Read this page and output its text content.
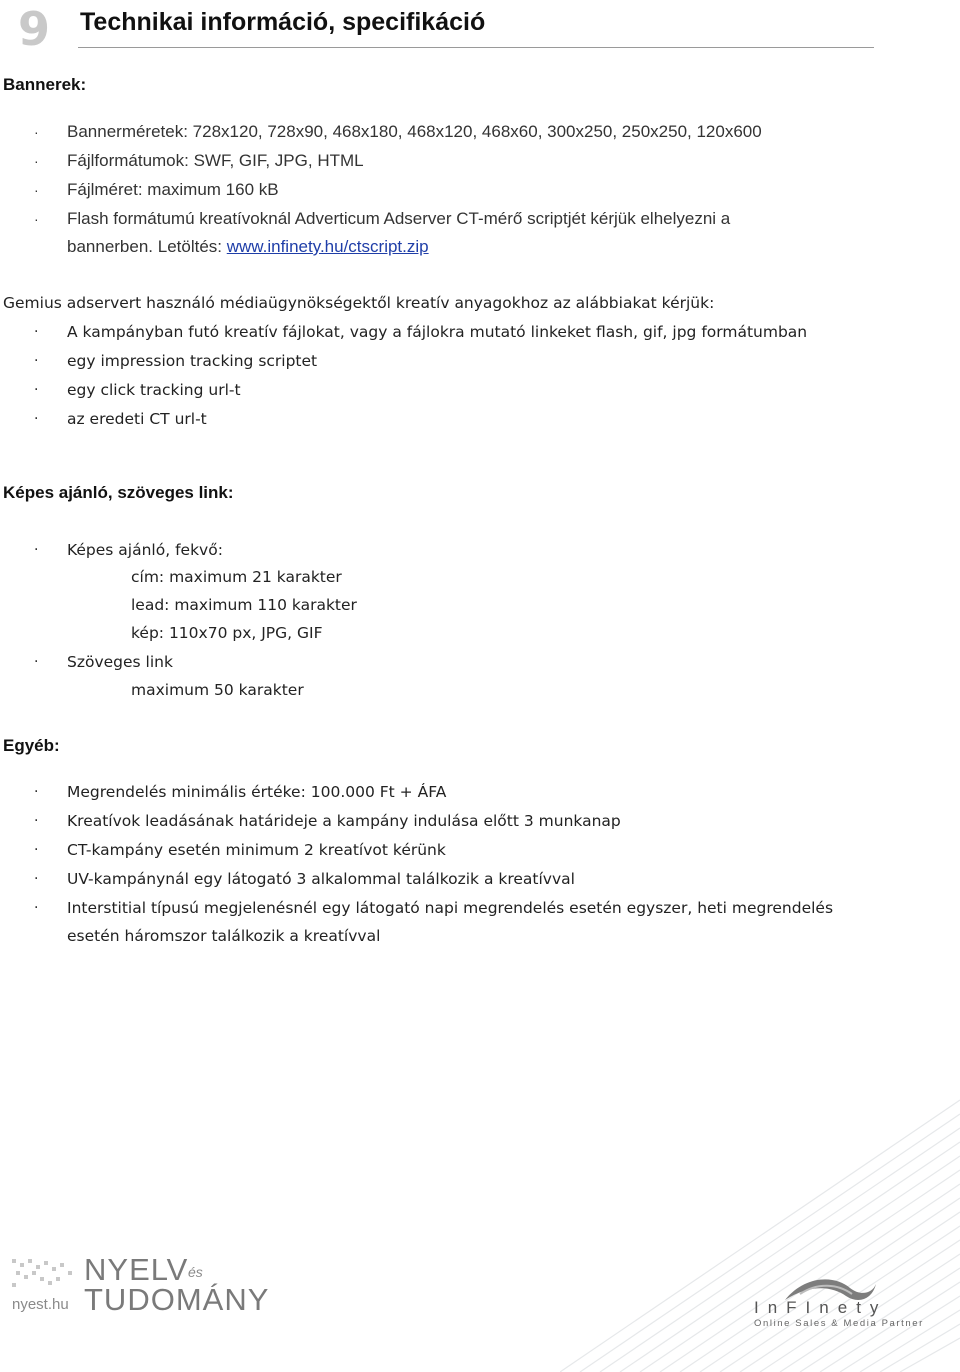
9 Technikai információ, specifikáció
Bannerek:
· Bannerméretek: 728x120, 728x90, 468x180, 468x120, 468x60, 300x250, 250x250, 120x600
· Fájlformátumok: SWF, GIF, JPG, HTML
· Fájlméret: maximum 160 kB
· Flash formátumú kreatívoknál Adverticum Adserver CT-mérő scriptjét kérjük elhelyezni a
bannerben. Letöltés: www.infinety.hu/ctscript.zip
Gemius adservert használó médiaügynökségektől kreatív anyagokhoz az alábbiakat kérjük:
· A kampányban futó kreatív fájlokat, vagy a fájlokra mutató linkeket flash, gif, jpg formátumban
· egy impression tracking scriptet
· egy click tracking url-t
· az eredeti CT url-t
Képes ajánló, szöveges link:
· Képes ajánló, fekvő:
cím: maximum 21 karakter
lead: maximum 110 karakter
kép: 110x70 px, JPG, GIF
· Szöveges link
maximum 50 karakter
Egyéb:
· Megrendelés minimális értéke: 100.000 Ft + ÁFA
· Kreatívok leadásának határideje a kampány indulása előtt 3 munkanap
· CT-kampány esetén minimum 2 kreatívot kérünk
· UV-kampánynál egy látogató 3 alkalommal találkozik a kreatívval
· Interstitial típusú megjelenésnél egy látogató napi megrendelés esetén egyszer, heti megrendelés
esetén háromszor találkozik a kreatívval
nyest.hu
NYELV és
TUDOMÁNY	InFInety
Online Sales & Media Partner
